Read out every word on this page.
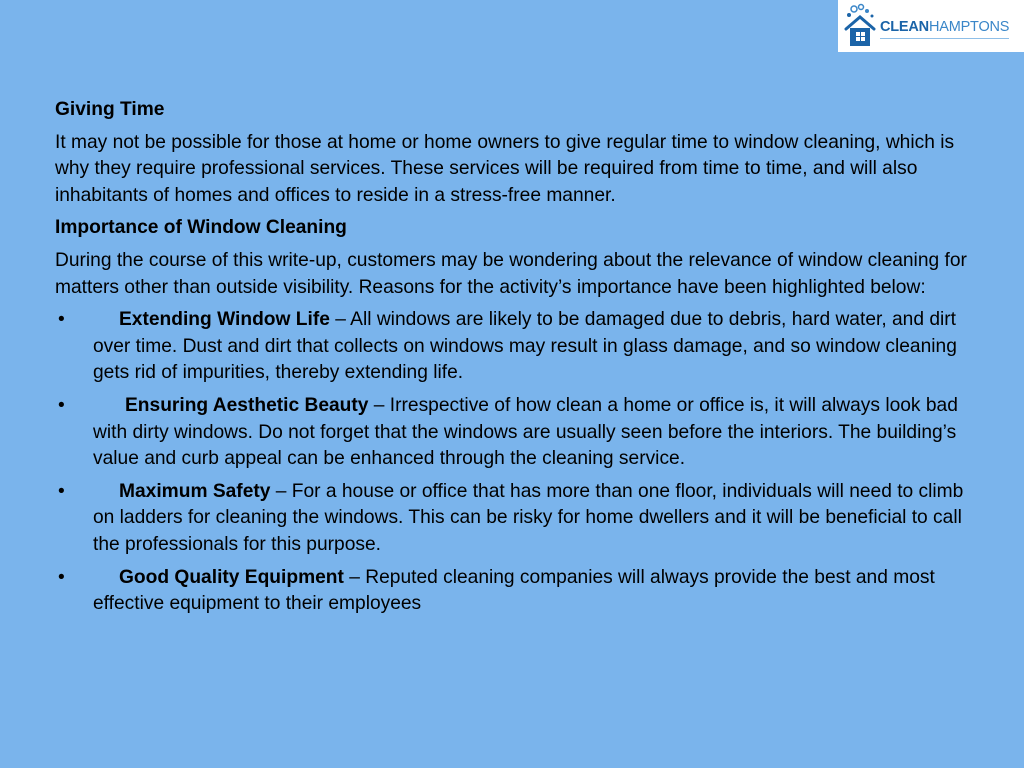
CLEANHAMPTONS

Giving Time

It may not be possible for those at home or home owners to give regular time to window cleaning, which is why they require professional services. These services will be required from time to time, and will also inhabitants of homes and offices to reside in a stress-free manner.

Importance of Window Cleaning

During the course of this write-up, customers may be wondering about the relevance of window cleaning for matters other than outside visibility. Reasons for the activity’s importance have been highlighted below:

•	Extending Window Life – All windows are likely to be damaged due to debris, hard water, and dirt over time. Dust and dirt that collects on windows may result in glass damage, and so window cleaning gets rid of impurities, thereby extending life.
•	Ensuring Aesthetic Beauty – Irrespective of how clean a home or office is, it will always look bad with dirty windows. Do not forget that the windows are usually seen before the interiors. The building’s value and curb appeal can be enhanced through the cleaning service.
•	Maximum Safety – For a house or office that has more than one floor, individuals will need to climb on ladders for cleaning the windows. This can be risky for home dwellers and it will be beneficial to call the professionals for this purpose.
•	Good Quality Equipment – Reputed cleaning companies will always provide the best and most effective equipment to their employees
